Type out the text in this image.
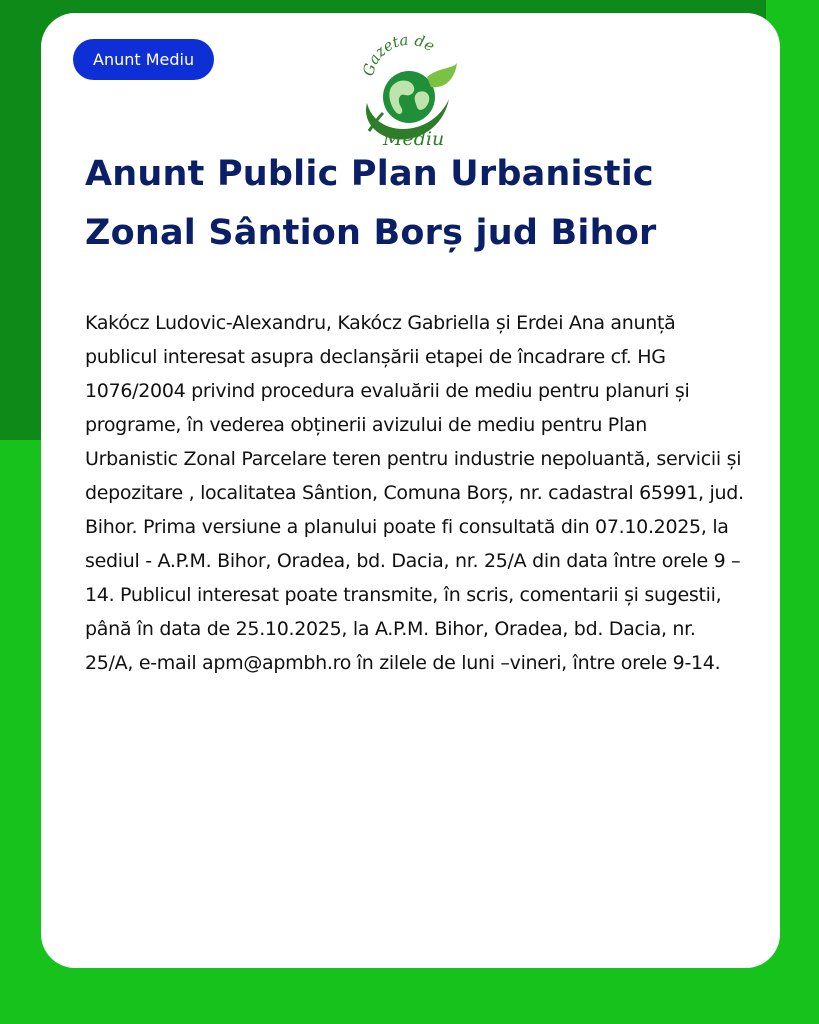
Anunt Mediu
Gazeta de
Mediu
Anunt Public Plan Urbanistic Zonal Sântion Borș jud Bihor

Kakócz Ludovic-Alexandru, Kakócz Gabriella și Erdei Ana anunță publicul interesat asupra declanșării etapei de încadrare cf. HG 1076/2004 privind procedura evaluării de mediu pentru planuri și programe, în vederea obținerii avizului de mediu pentru Plan Urbanistic Zonal Parcelare teren pentru industrie nepoluantă, servicii și depozitare , localitatea Sântion, Comuna Borș, nr. cadastral 65991, jud. Bihor. Prima versiune a planului poate fi consultată din 07.10.2025, la sediul - A.P.M. Bihor, Oradea, bd. Dacia, nr. 25/A din data între orele 9 – 14. Publicul interesat poate transmite, în scris, comentarii și sugestii, până în data de 25.10.2025, la A.P.M. Bihor, Oradea, bd. Dacia, nr. 25/A, e-mail apm@apmbh.ro în zilele de luni –vineri, între orele 9-14.
